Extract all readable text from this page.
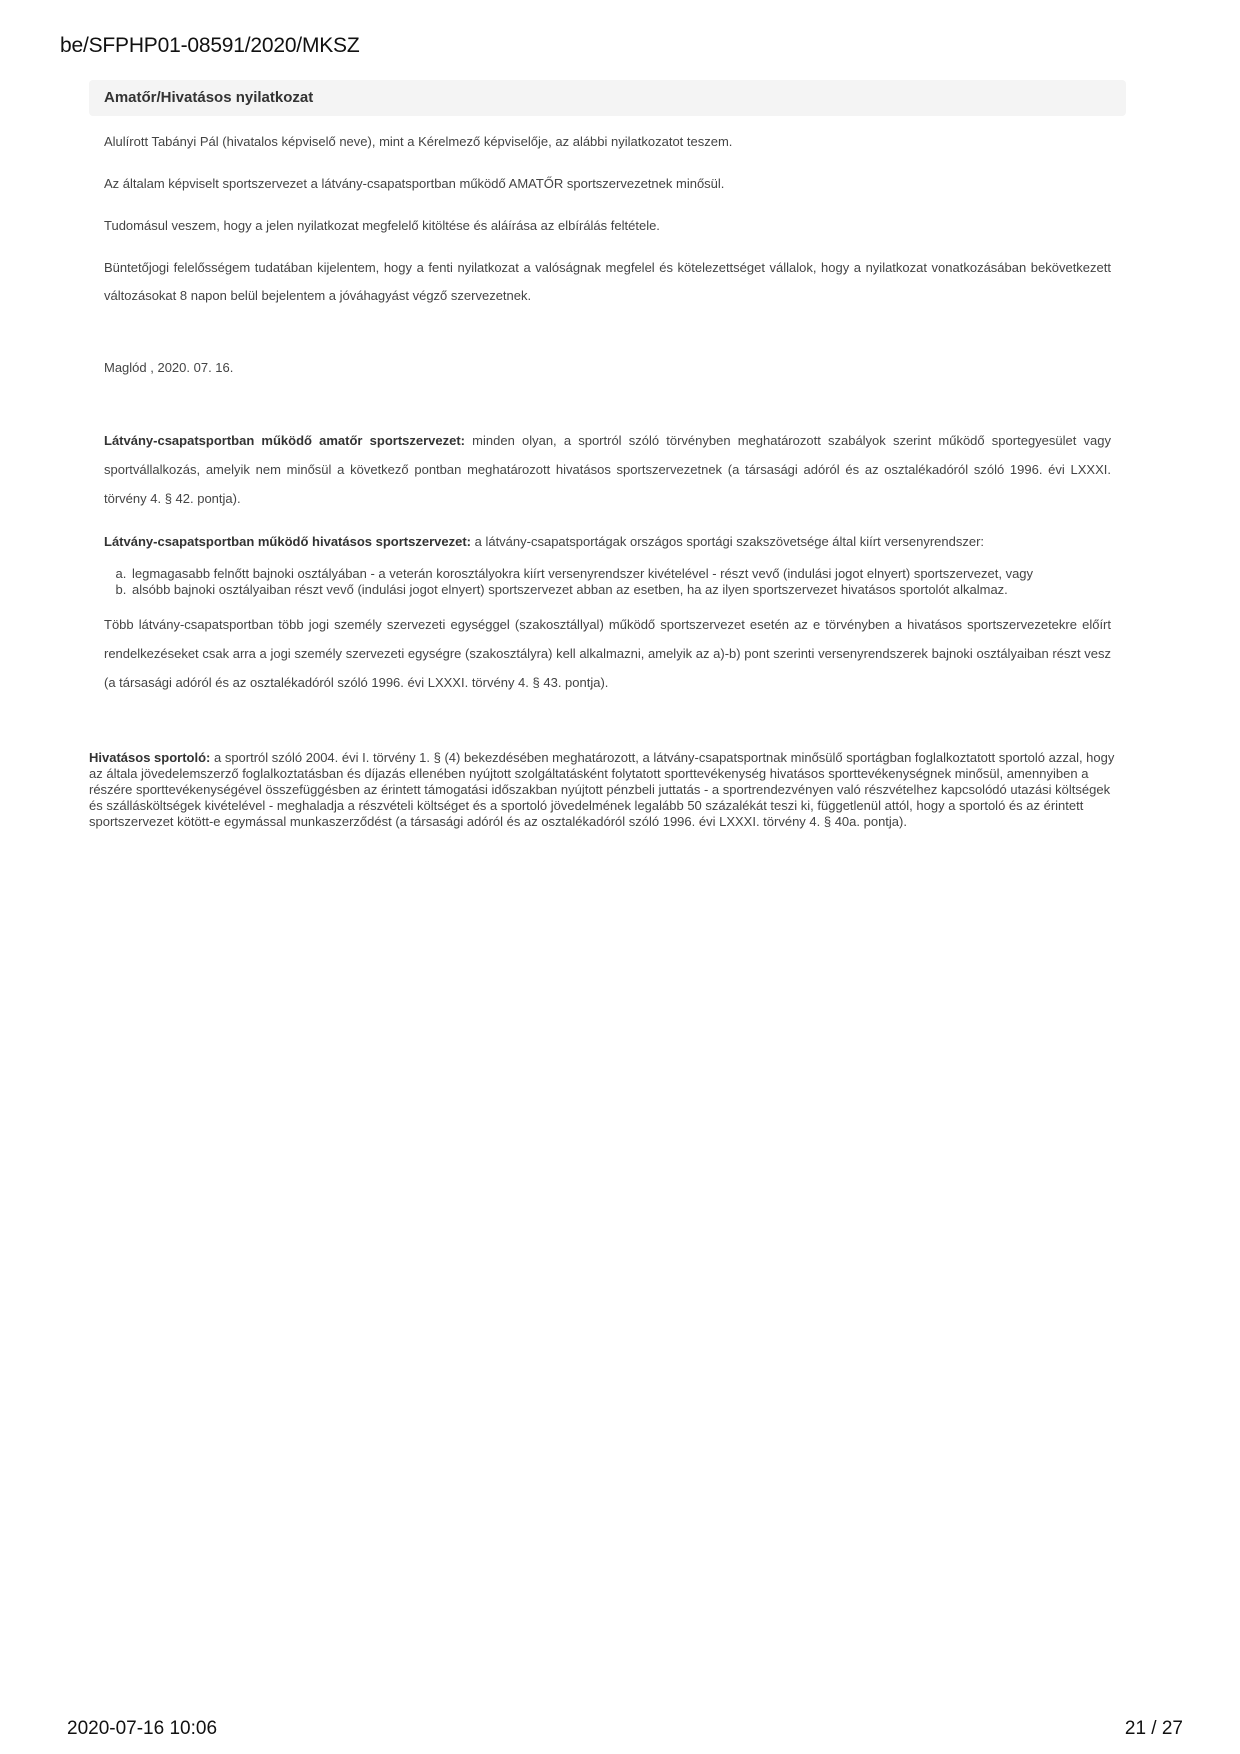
be/SFPHP01-08591/2020/MKSZ
Amatőr/Hivatásos nyilatkozat

Alulírott Tabányi Pál (hivatalos képviselő neve), mint a Kérelmező képviselője, az alábbi nyilatkozatot teszem.

Az általam képviselt sportszervezet a látvány-csapatsportban működő AMATŐR sportszervezetnek minősül.

Tudomásul veszem, hogy a jelen nyilatkozat megfelelő kitöltése és aláírása az elbírálás feltétele.

Büntetőjogi felelősségem tudatában kijelentem, hogy a fenti nyilatkozat a valóságnak megfelel és kötelezettséget vállalok, hogy a nyilatkozat vonatkozásában bekövetkezett változásokat 8 napon belül bejelentem a jóváhagyást végző szervezetnek.

Maglód , 2020. 07. 16.

Látvány-csapatsportban működő amatőr sportszervezet: minden olyan, a sportról szóló törvényben meghatározott szabályok szerint működő sportegyesület vagy sportvállalkozás, amelyik nem minősül a következő pontban meghatározott hivatásos sportszervezetnek (a társasági adóról és az osztalékadóról szóló 1996. évi LXXXI. törvény 4. § 42. pontja).

Látvány-csapatsportban működő hivatásos sportszervezet: a látvány-csapatsportágak országos sportági szakszövetsége által kiírt versenyrendszer:

a. legmagasabb felnőtt bajnoki osztályában - a veterán korosztályokra kiírt versenyrendszer kivételével - részt vevő (indulási jogot elnyert) sportszervezet, vagy
b. alsóbb bajnoki osztályaiban részt vevő (indulási jogot elnyert) sportszervezet abban az esetben, ha az ilyen sportszervezet hivatásos sportolót alkalmaz.

Több látvány-csapatsportban több jogi személy szervezeti egységgel (szakosztállyal) működő sportszervezet esetén az e törvényben a hivatásos sportszervezetekre előírt rendelkezéseket csak arra a jogi személy szervezeti egységre (szakosztályra) kell alkalmazni, amelyik az a)-b) pont szerinti versenyrendszerek bajnoki osztályaiban részt vesz (a társasági adóról és az osztalékadóról szóló 1996. évi LXXXI. törvény 4. § 43. pontja).

Hivatásos sportoló: a sportról szóló 2004. évi I. törvény 1. § (4) bekezdésében meghatározott, a látvány-csapatsportnak minősülő sportágban foglalkoztatott sportoló azzal, hogy az általa jövedelemszerző foglalkoztatásban és díjazás ellenében nyújtott szolgáltatásként folytatott sporttevékenység hivatásos sporttevékenységnek minősül, amennyiben a részére sporttevékenységével összefüggésben az érintett támogatási időszakban nyújtott pénzbeli juttatás - a sportrendezvényen való részvételhez kapcsolódó utazási költségek és szállásköltségek kivételével - meghaladja a részvételi költséget és a sportoló jövedelmének legalább 50 százalékát teszi ki, függetlenül attól, hogy a sportoló és az érintett sportszervezet kötött-e egymással munkaszerződést (a társasági adóról és az osztalékadóról szóló 1996. évi LXXXI. törvény 4. § 40a. pontja).

2020-07-16 10:06	21 / 27
